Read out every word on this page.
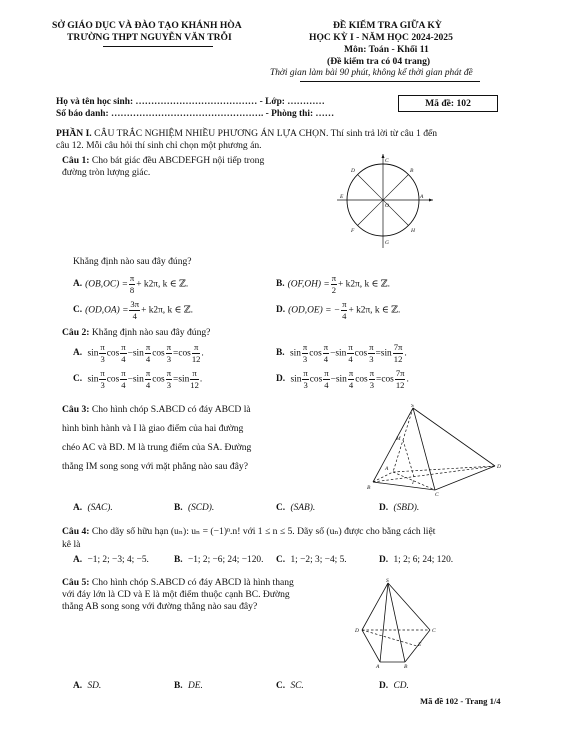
SỞ GIÁO DỤC VÀ ĐÀO TẠO KHÁNH HÒA
TRƯỜNG THPT NGUYỄN VĂN TRỖI
ĐỀ KIỂM TRA GIỮA KỲ
HỌC KỲ I - NĂM HỌC 2024-2025
Môn: Toán - Khối 11
(Đề kiểm tra có 04 trang)
Thời gian làm bài 90 phút, không kể thời gian phát đề
Họ và tên học sinh: ………………………………… - Lớp: …………
Số báo danh: …………………………………………. - Phòng thi: ……
Mã đề: 102
PHẦN I. CÂU TRẮC NGHIỆM NHIỀU PHƯƠNG ÁN LỰA CHỌN. Thí sinh trả lời từ câu 1 đến
câu 12. Mỗi câu hỏi thí sinh chỉ chọn một phương án.
Câu 1: Cho bát giác đều ABCDEFGH nội tiếp trong
đường tròn lượng giác.
A
B
C
D
E
F
G
H
O
Khẳng định nào sau đây đúng?
A. $(OB,OC) = \frac{\pi}{8} + k2\pi$, k ∈ ℤ.	B. $(OF,OH) = \frac{\pi}{2} + k2\pi$, k ∈ ℤ.
C. $(OD,OA) = \frac{3\pi}{4} + k2\pi$, k ∈ ℤ.	D. (OD,OE) = − $\frac{\pi}{4} + k2\pi$, k ∈ ℤ.
Câu 2: Khẳng định nào sau đây đúng?
A. $\sin \frac{\pi}{3}$ $\cos \frac{\pi}{4} -\sin \frac{\pi}{4}$ $\cos \frac{\pi}{3} =\cos \frac{\pi}{12}$ .	B. $\sin \frac{\pi}{3}$ $\cos \frac{\pi}{4} -\sin \frac{\pi}{4}$ $\cos \frac{\pi}{3} =\sin \frac{7\pi}{12}$ .
C. $\sin \frac{\pi}{3}$ $\cos \frac{\pi}{4} -\sin \frac{\pi}{4}$ $\cos \frac{\pi}{3} =\sin \frac{\pi}{12}$ .	D. $\sin \frac{\pi}{3}$ $\cos \frac{\pi}{4} -\sin \frac{\pi}{4}$ $\cos \frac{\pi}{3} =\cos \frac{7\pi}{12}$ .
Câu 3: Cho hình chóp S.ABCD có đáy ABCD là
hình bình hành và I là giao điểm của hai đường
chéo AC và BD. M là trung điểm của SA. Đường
thẳng IM song song với mặt phẳng nào sau đây?
S
M
A
I
D
B
C
A. (SAC).	B. (SCD).	C. (SAB).	D. (SBD).
Câu 4: Cho dãy số hữu hạn (uₙ): uₙ = (−1)ⁿ.n! với 1 ≤ n ≤ 5. Dãy số (uₙ) được cho bằng cách liệt
kê là
A. −1; 2; −3; 4; −5.	B. −1; 2; −6; 24; −120. C. 1; −2; 3; −4; 5.	D. 1; 2; 6; 24; 120.
Câu 5: Cho hình chóp S.ABCD có đáy ABCD là hình thang
với đáy lớn là CD và E là một điểm thuộc cạnh BC. Đường
thẳng AB song song với đường thẳng nào sau đây?
S
D	C
E
A	B
A. SD.	B. DE.	C. SC.	D. CD.
Mã đề 102 - Trang 1/4
